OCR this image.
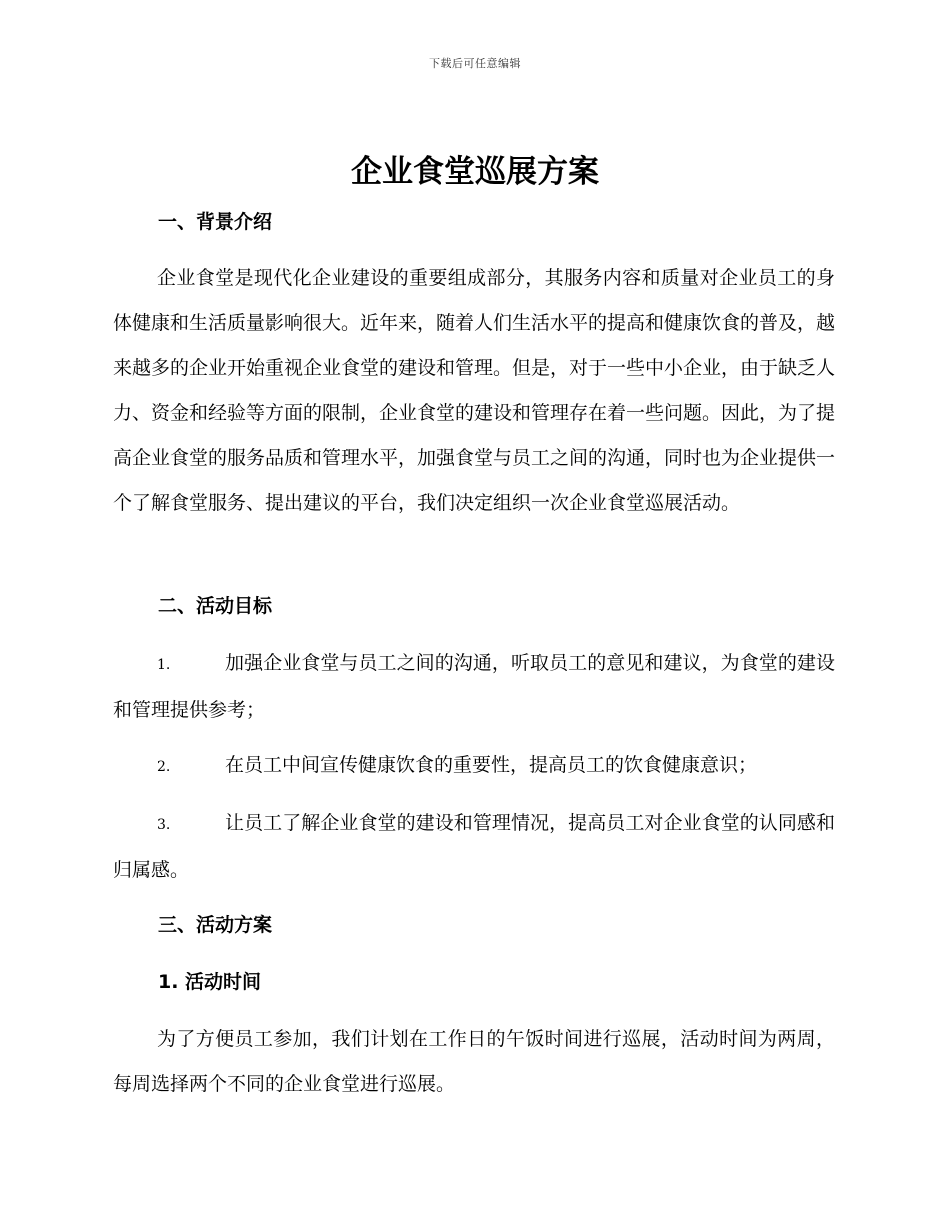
下载后可任意编辑
企业食堂巡展方案
一、背景介绍

企业食堂是现代化企业建设的重要组成部分，其服务内容和质量对企业员工的身体健康和生活质量影响很大。近年来，随着人们生活水平的提高和健康饮食的普及，越来越多的企业开始重视企业食堂的建设和管理。但是，对于一些中小企业，由于缺乏人力、资金和经验等方面的限制，企业食堂的建设和管理存在着一些问题。因此，为了提高企业食堂的服务品质和管理水平，加强食堂与员工之间的沟通，同时也为企业提供一个了解食堂服务、提出建议的平台，我们决定组织一次企业食堂巡展活动。

二、活动目标

1.	加强企业食堂与员工之间的沟通，听取员工的意见和建议，为食堂的建设和管理提供参考；

2.	在员工中间宣传健康饮食的重要性，提高员工的饮食健康意识；

3.	让员工了解企业食堂的建设和管理情况，提高员工对企业食堂的认同感和归属感。

三、活动方案
1. 活动时间

为了方便员工参加，我们计划在工作日的午饭时间进行巡展，活动时间为两周，每周选择两个不同的企业食堂进行巡展。
